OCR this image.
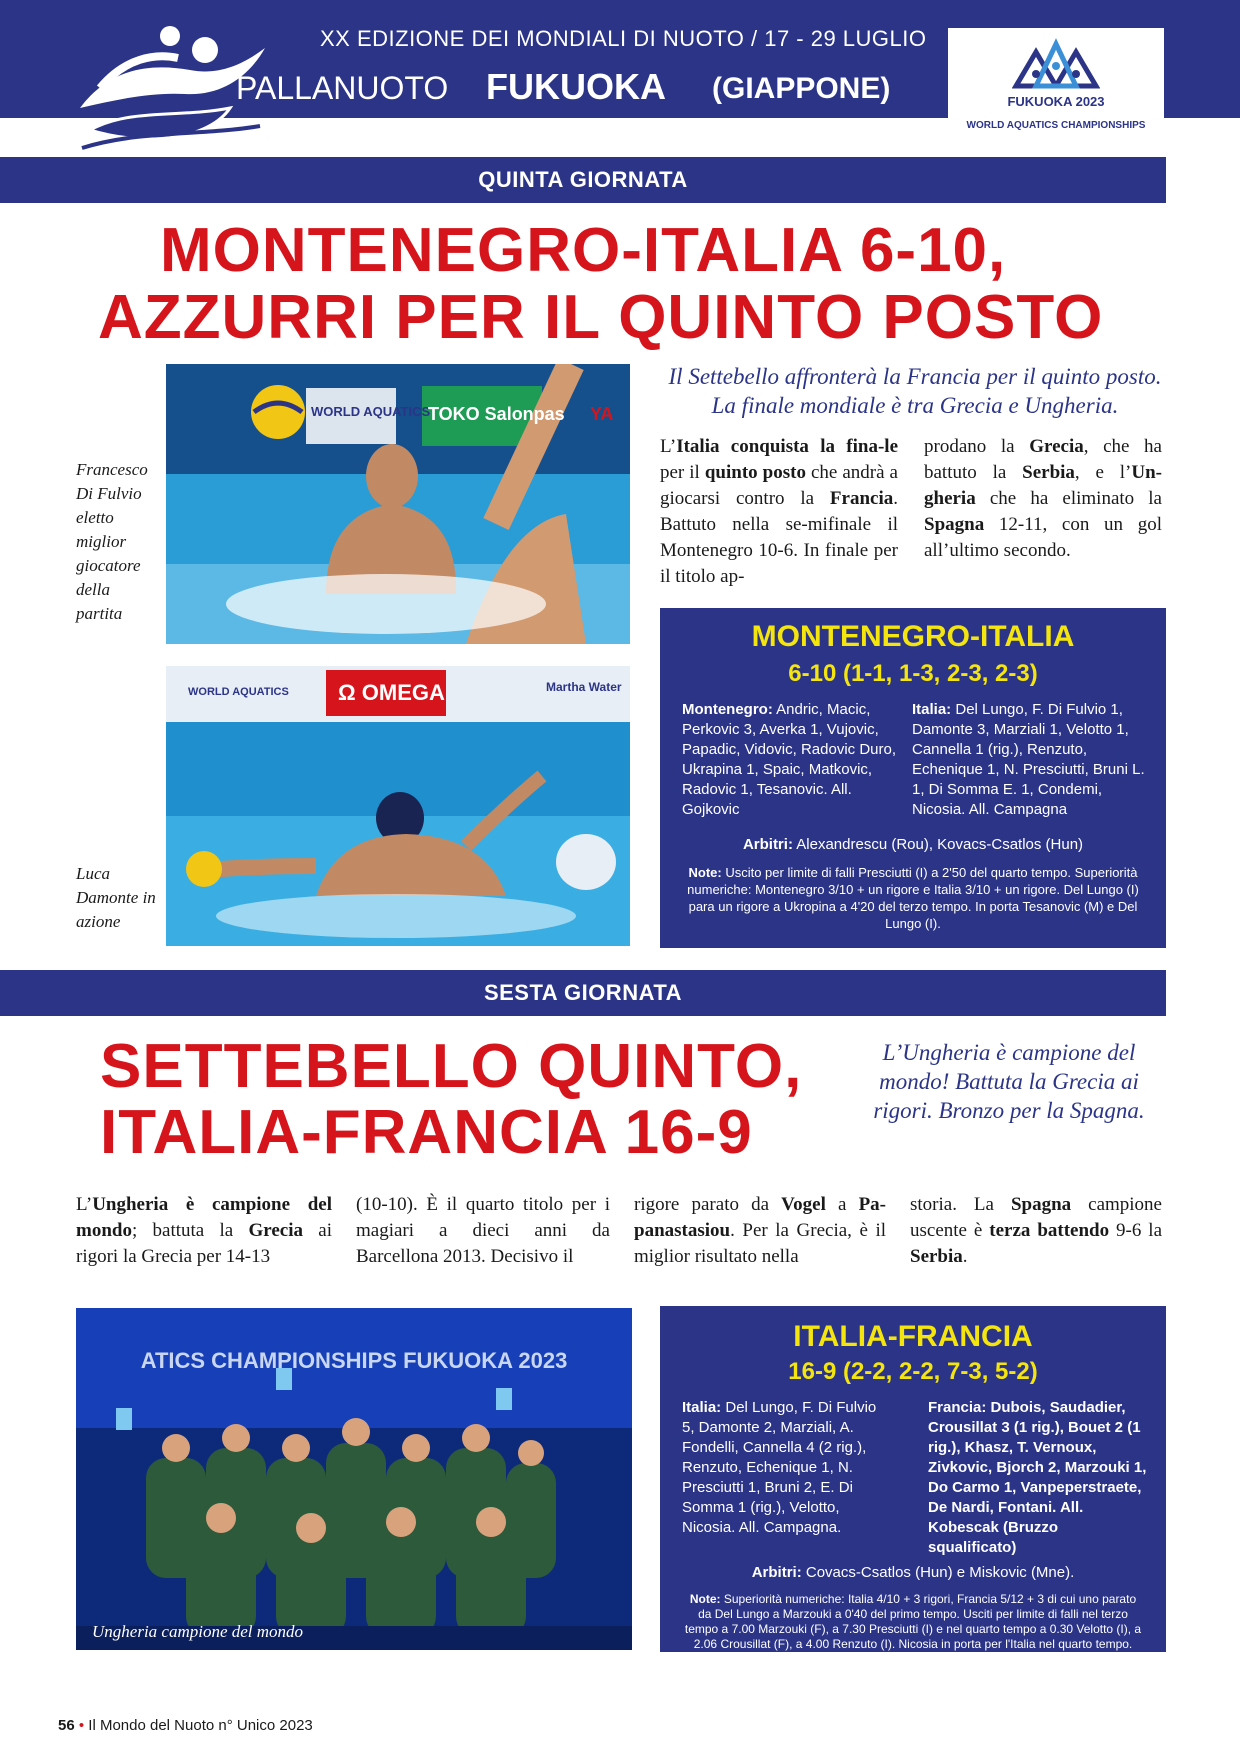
XX EDIZIONE DEI MONDIALI DI NUOTO / 17 - 29 LUGLIO
PALLANUOTO FUKUOKA (GIAPPONE)	FUKUOKA 2023
WORLD AQUATICS CHAMPIONSHIPS
QUINTA GIORNATA
MONTENEGRO-ITALIA 6-10,
AZZURRI PER IL QUINTO POSTO
WORLD AQUATICS
TOKO Salonpas YA
Francesco Di Fulvio eletto miglior giocatore della partita
WORLD AQUATICS Ω OMEGA	Martha Water
Luca Damonte in azione
Il Settebello affronterà la Francia per il quinto posto. La finale mondiale è tra Grecia e Ungheria.
L’Italia conquista la fina-le per il quinto posto che andrà a giocarsi contro la Francia. Battuto nella se-mifinale il Montenegro 10-6. In finale per il titolo ap-
prodano la Grecia, che ha battuto la Serbia, e l’Un-gheria che ha eliminato la Spagna 12-11, con un gol all’ultimo secondo.
MONTENEGRO-ITALIA
6-10 (1-1, 1-3, 2-3, 2-3)
Montenegro: Andric, Macic, Perkovic 3, Averka 1, Vujovic, Papadic, Vidovic, Radovic Duro, Ukrapina 1, Spaic, Matkovic, Radovic 1, Tesanovic. All. Gojkovic
Italia: Del Lungo, F. Di Fulvio 1, Damonte 3, Marziali 1, Velotto 1, Cannella 1 (rig.), Renzuto, Echenique 1, N. Presciutti, Bruni L. 1, Di Somma E. 1, Condemi, Nicosia. All. Campagna
Arbitri: Alexandrescu (Rou), Kovacs-Csatlos (Hun)
Note: Uscito per limite di falli Presciutti (I) a 2'50 del quarto tempo. Superiorità numeriche: Montenegro 3/10 + un rigore e Italia 3/10 + un rigore. Del Lungo (I) para un rigore a Ukropina a 4'20 del terzo tempo. In porta Tesanovic (M) e Del Lungo (I).
SESTA GIORNATA
SETTEBELLO QUINTO,
ITALIA-FRANCIA 16-9
L’Ungheria è campione del mondo! Battuta la Grecia ai rigori. Bronzo per la Spagna.
L’Ungheria è campione del mondo; battuta la Grecia ai rigori la Grecia per 14-13
(10-10). È il quarto titolo per i magiari a dieci anni da Barcellona 2013. Decisivo il
rigore parato da Vogel a Pa-panastasiou. Per la Grecia, è il miglior risultato nella
storia. La Spagna campione uscente è terza battendo 9-6 la Serbia.
ATICS CHAMPIONSHIPS FUKUOKA 2023
Ungheria campione del mondo
ITALIA-FRANCIA
16-9 (2-2, 2-2, 7-3, 5-2)
Italia: Del Lungo, F. Di Fulvio 5, Damonte 2, Marziali, A. Fondelli, Cannella 4 (2 rig.), Renzuto, Echenique 1, N. Presciutti 1, Bruni 2, E. Di Somma 1 (rig.), Velotto, Nicosia. All. Campagna.
Francia: Dubois, Saudadier, Crousillat 3 (1 rig.), Bouet 2 (1 rig.), Khasz, T. Vernoux, Zivkovic, Bjorch 2, Marzouki 1, Do Carmo 1, Vanpeperstraete, De Nardi, Fontani. All. Kobescak (Bruzzo squalificato)
Arbitri: Covacs-Csatlos (Hun) e Miskovic (Mne).
Note: Superiorità numeriche: Italia 4/10 + 3 rigori, Francia 5/12 + 3 di cui uno parato da Del Lungo a Marzouki a 0'40 del primo tempo. Usciti per limite di falli nel terzo tempo a 7.00 Marzouki (F), a 7.30 Presciutti (I) e nel quarto tempo a 0.30 Velotto (I), a 2.06 Crousillat (F), a 4.00 Renzuto (I). Nicosia in porta per l'Italia nel quarto tempo. Spettatori 200 circa.
56 • Il Mondo del Nuoto n° Unico 2023
